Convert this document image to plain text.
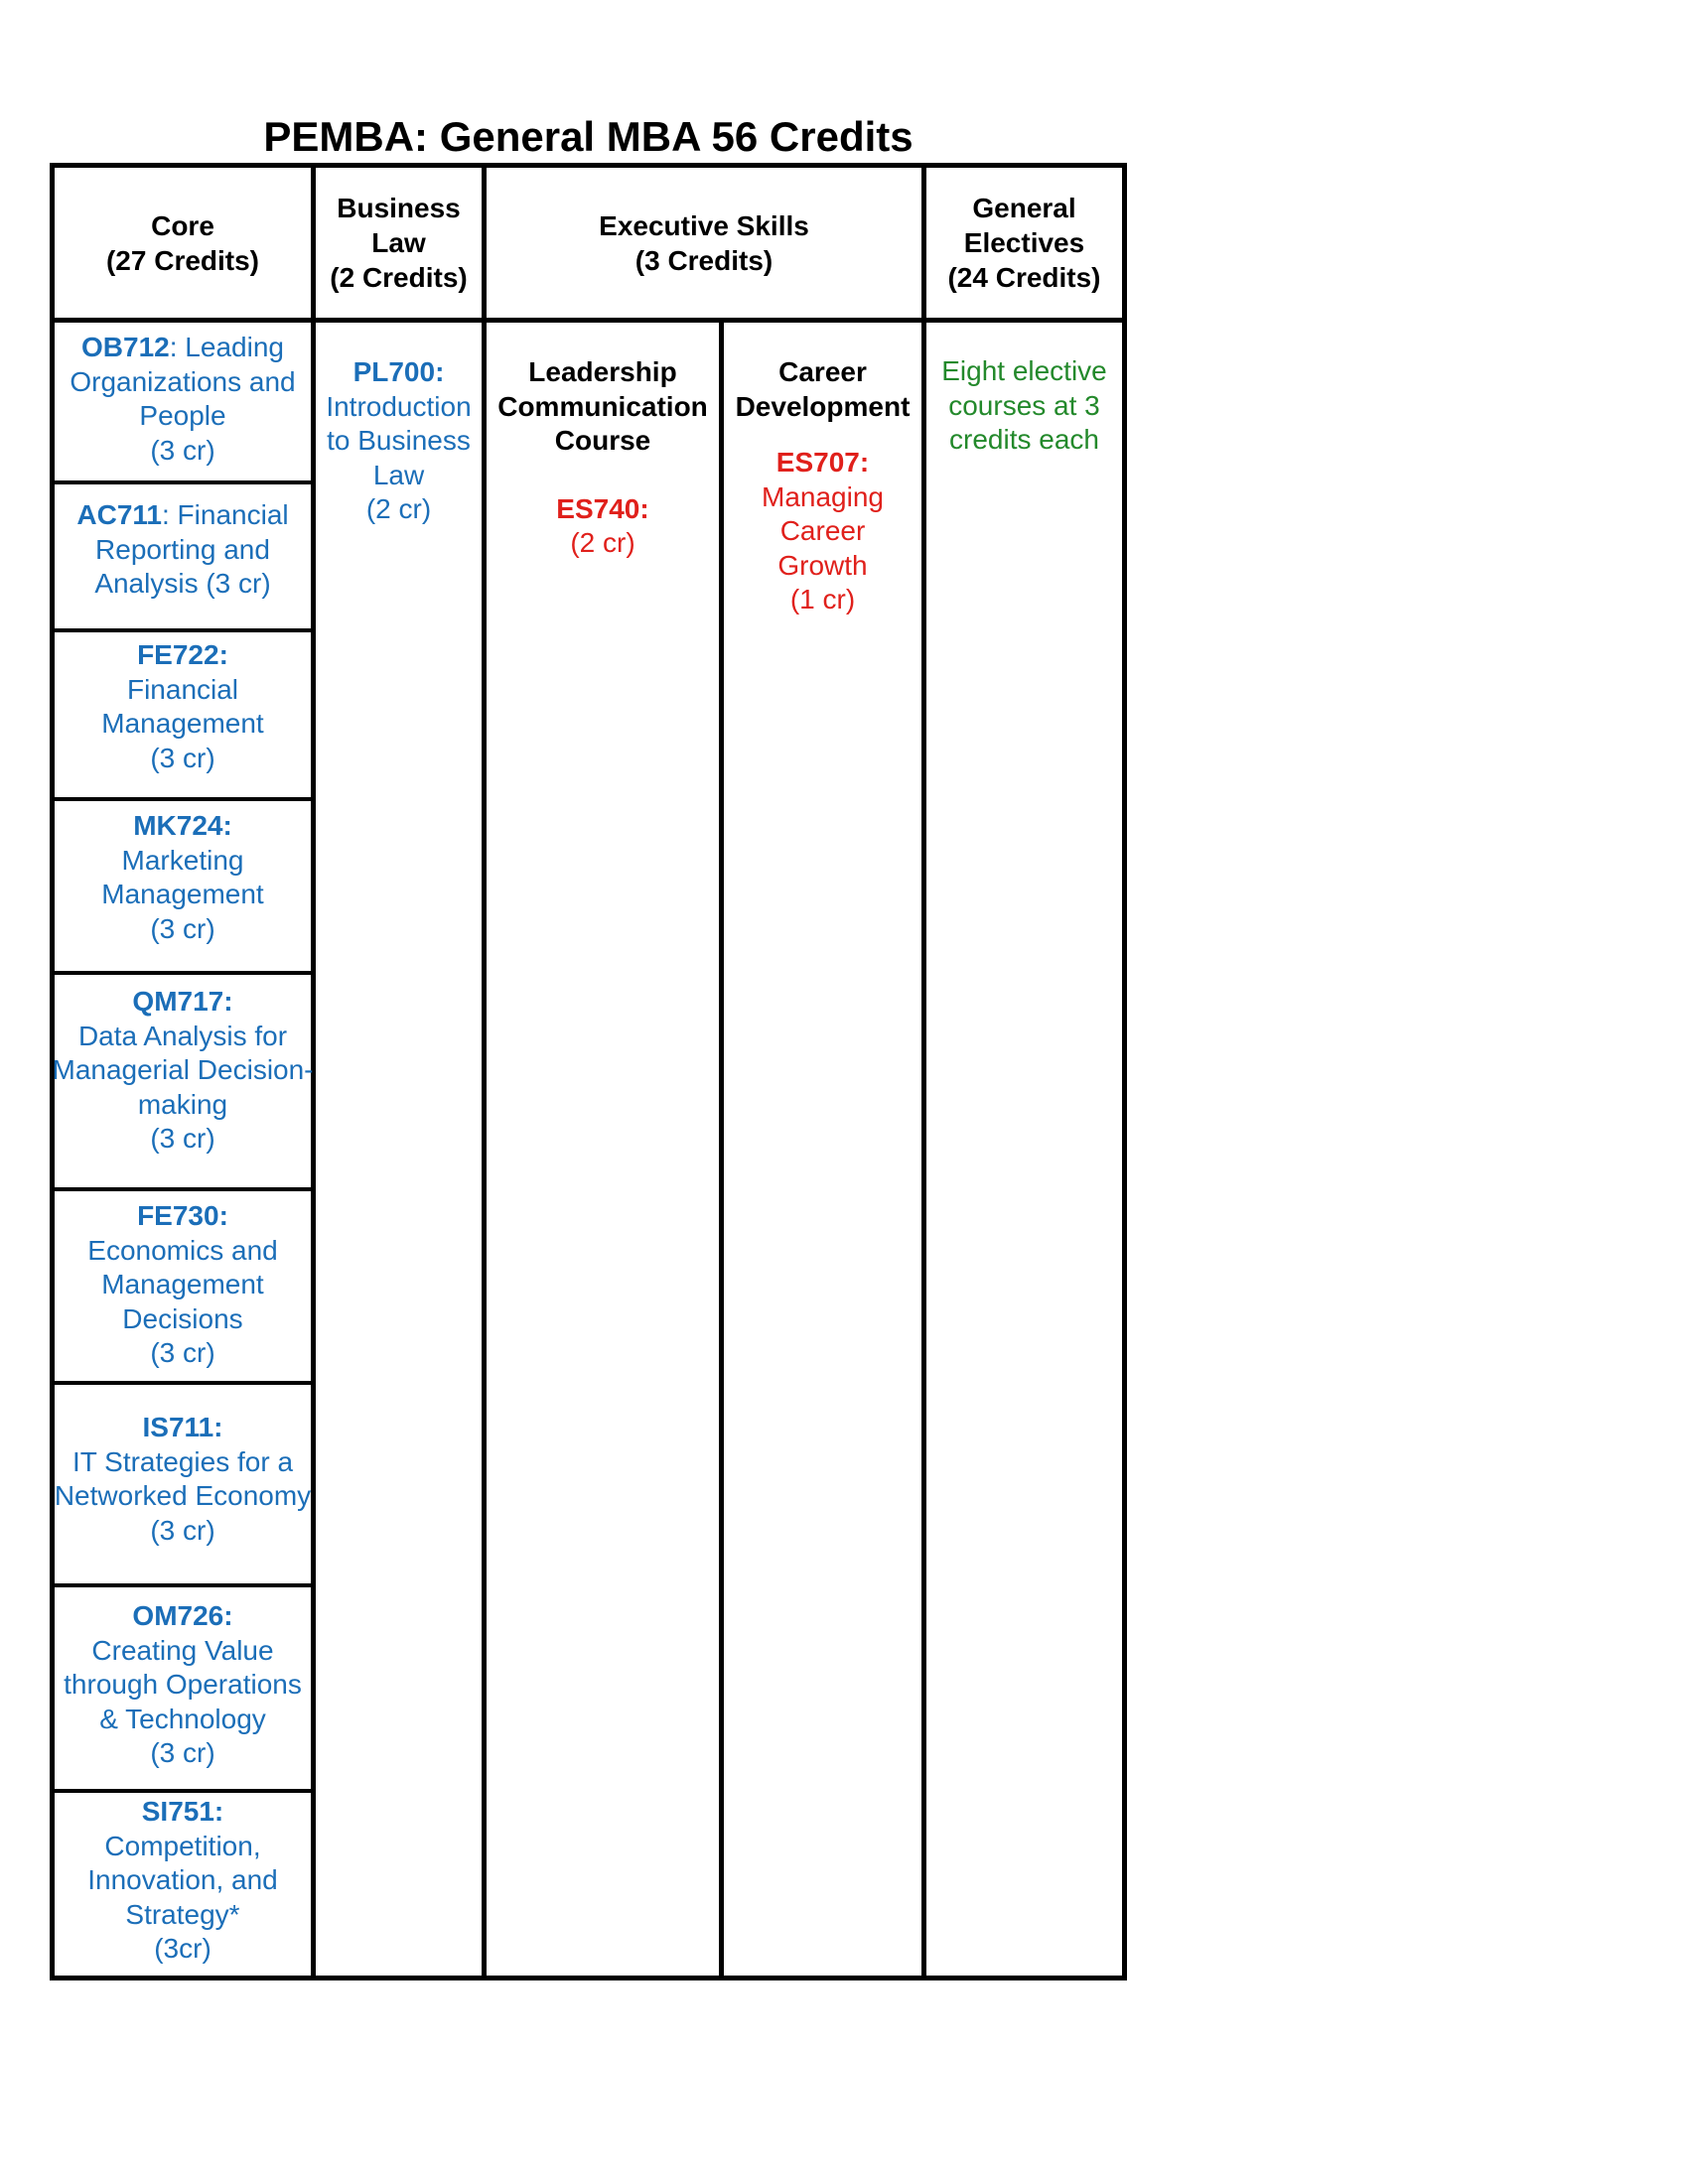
PEMBA: General MBA 56 Credits
Core
(27 Credits)
Business
Law
(2 Credits)
Executive Skills
(3 Credits)
General
Electives
(24 Credits)
OB712: Leading
Organizations and
People
(3 cr)
AC711: Financial
Reporting and
Analysis (3 cr)
FE722:
Financial
Management
(3 cr)
MK724:
Marketing
Management
(3 cr)
QM717:
Data Analysis for
Managerial Decision-
making
(3 cr)
FE730:
Economics and
Management
Decisions
(3 cr)
IS711:
IT Strategies for a
Networked Economy
(3 cr)
OM726:
Creating Value
through Operations
& Technology
(3 cr)
SI751:
Competition,
Innovation, and
Strategy*
(3cr)
PL700:
Introduction
to Business
Law
(2 cr)
Leadership
Communication
Course
ES740:
(2 cr)
Career
Development
ES707:
Managing
Career
Growth
(1 cr)
Eight elective
courses at 3
credits each
